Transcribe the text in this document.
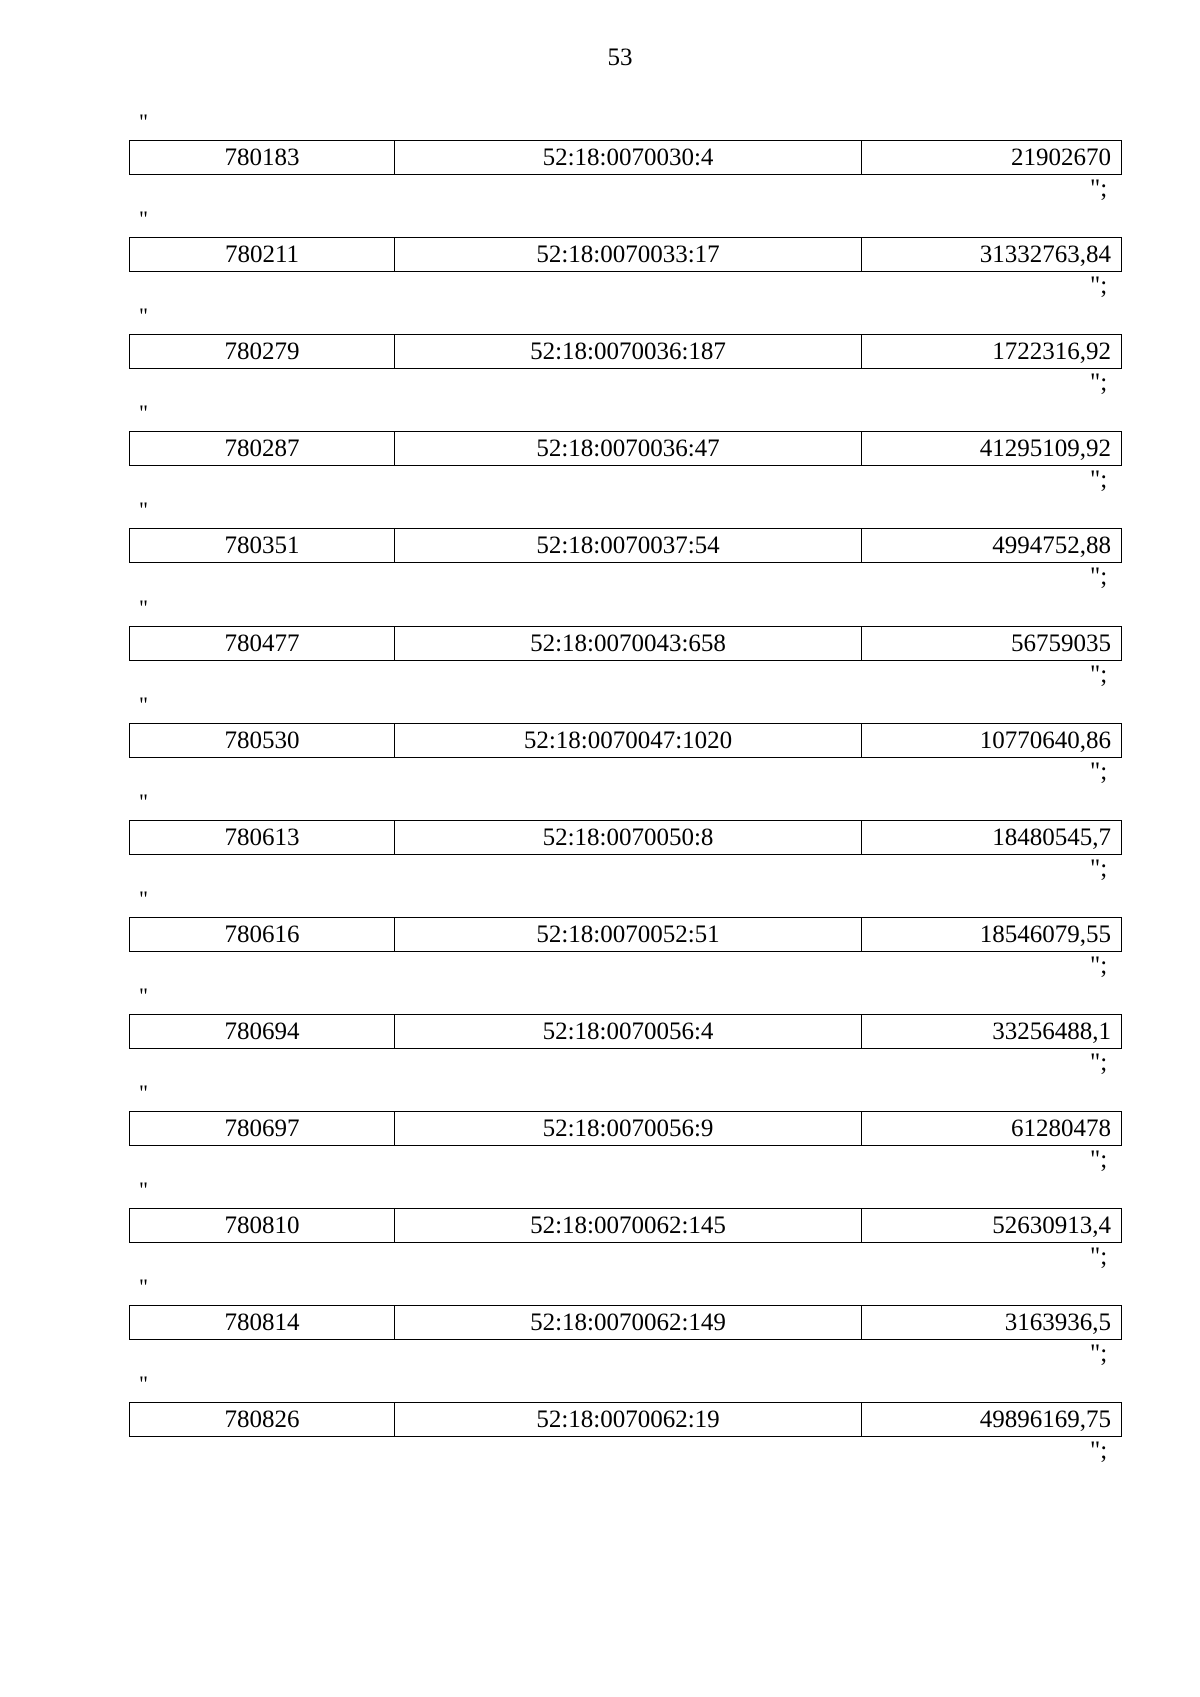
53
"
780183	52:18:0070030:4	21902670
";
"
780211	52:18:0070033:17	31332763,84
";
"
780279	52:18:0070036:187	1722316,92
";
"
780287	52:18:0070036:47	41295109,92
";
"
780351	52:18:0070037:54	4994752,88
";
"
780477	52:18:0070043:658	56759035
";
"
780530	52:18:0070047:1020	10770640,86
";
"
780613	52:18:0070050:8	18480545,7
";
"
780616	52:18:0070052:51	18546079,55
";
"
780694	52:18:0070056:4	33256488,1
";
"
780697	52:18:0070056:9	61280478
";
"
780810	52:18:0070062:145	52630913,4
";
"
780814	52:18:0070062:149	3163936,5
";
"
780826	52:18:0070062:19	49896169,75
";
